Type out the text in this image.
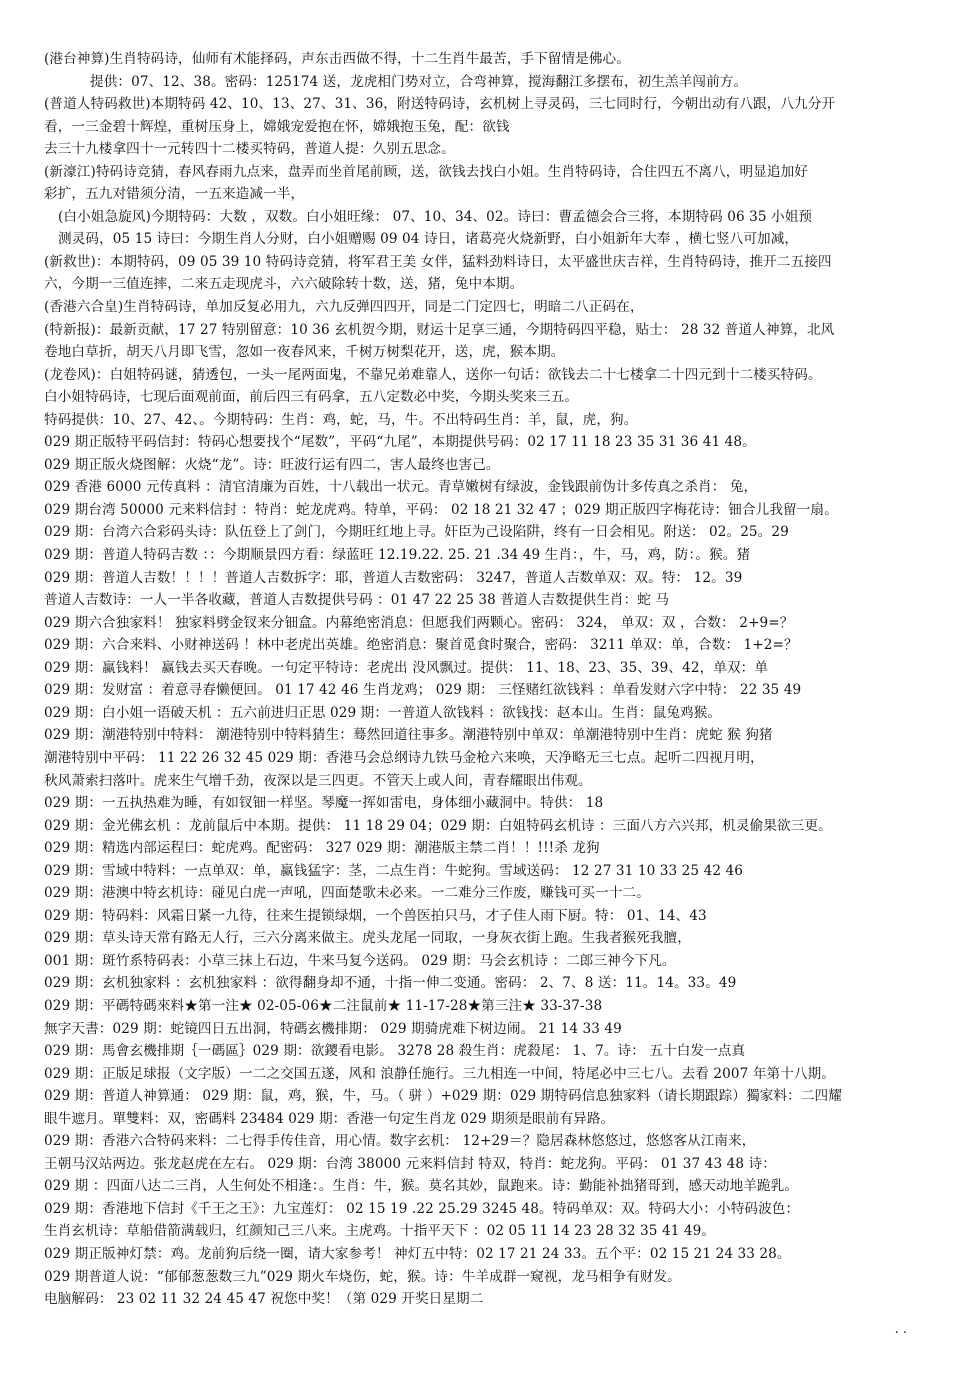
(港台神算)生肖特码诗，仙师有术能择码，声东击西做不得，十二生肖牛最苦，手下留情是佛心。
提供：07、12、38。密码：125174 送，龙虎相门势对立，合弯神算，搅海翻江多摆布，初生羔羊闯前方。
(普道人特码救世)本期特码 42、10、13、27、31、36，附送特码诗，玄机树上寻灵码，三七同时行，今朝出动有八跟，八九分开
看，一三金碧十辉煌，重树压身上，嫦娥宠爱抱在怀，嫦娥抱玉兔，配：欲钱
去三十九楼拿四十一元转四十二楼买特码，普道人提：久别五思念。
(新濠江)特码诗竞猜，春风春雨九点来，盘弄而坐首尾前顾，送，欲钱去找白小姐。生肖特码诗，合住四五不离八，明显追加好
彩扩，五九对错须分清，一五来造减一半，
(白小姐急旋风)今期特码：大数 ，双数。白小姐旺缘： 07、10、34、02。诗曰：曹孟德会合三将，本期特码 06 35 小姐预
测灵码，05 15 诗曰：今期生肖人分财，白小姐赠赐 09 04 诗日，诸葛亮火烧新野，白小姐新年大奉 ，横七竖八可加减，
(新救世)：本期特码，09 05 39 10 特码诗竞猜，将军君王美 女伴，猛料劲料诗日，太平盛世庆吉祥，生肖特码诗，推开二五接四
六，今期一三值连摔，二来五走现虎斗，六六破除转十数，送，猪，兔中本期。
(香港六合皇)生肖特码诗，单加反复必用九，六九反弹四四开，同是二门定四七，明暗二八正码在，
(特新报)：最新贡献，17 27 特别留意：10 36 玄机贺今期，财运十足享三通，今期特码四平稳，贴士： 28 32 普道人神算，北风
卷地白草折，胡天八月即飞雪，忽如一夜春风来，千树万树梨花开，送，虎，猴本期。
(龙卷风)：白姐特码谜，猜透包，一头一尾两面鬼，不靠兄弟难靠人，送你一句话：欲钱去二十七楼拿二十四元到十二楼买特码。
白小姐特码诗，七现后面观前面，前后四三有码拿，五八定数必中奖，今期头奖来三五。
特码提供：10、27、42、。今期特码：生肖：鸡，蛇，马，牛。不出特码生肖：羊，鼠，虎，狗。
029 期正版特平码信封：特码心想要找个“尾数”，平码“九尾”，本期提供号码：02 17 11 18 23 35 31 36 41 48。
029 期正版火烧图解：火烧“龙”。诗：旺波行运有四二，害人最终也害己。
029 香港 6000 元传真料 ：清官清廉为百姓，十八载出一状元。青草嫩树有绿波，金钱跟前伪计多传真之杀肖： 兔，
029 期台湾 50000 元来料信封 ：特肖：蛇龙虎鸡。特单，平码： 02 18 21 32 47 ；029 期正版四字梅花诗：钿合儿我留一扇。
029 期：台湾六合彩码头诗：队伍登上了剑门，今期旺红地上寻。奸臣为己设陷阱，终有一日会相见。附送： 02。25。29
029 期：普道人特码吉数 ：：今期顺景四方看：绿蓝旺 12.19.22. 25. 21 .34 49 生肖：，牛，马，鸡，防：。猴。猪
029 期：普道人吉数！！！！普道人吉数拆字：耶，普道人吉数密码： 3247，普道人吉数单双：双。特： 12。39
普道人吉数诗：一人一半各收藏，普道人吉数提供号码 ：01 47 22 25 38 普道人吉数提供生肖：蛇 马
029 期六合独家料！ 独家料劈金钗来分钿盒。内幕绝密消息：但愿我们两颗心。密码： 324， 单双：双 ，合数： 2+9=？
029 期：六合来料、小财神送码 ！林中老虎出英雄。绝密消息：聚首觅食时聚合，密码： 3211 单双：单，合数： 1+2=？
029 期：赢钱料！ 赢钱去买天春晚。一句定平特诗：老虎出 没风飘过。提供： 11、18、23、35、39、42，单双：单
029 期：发财富 ：着意寻春懒便回。 01 17 42 46 生肖龙鸡； 029 期： 三怪赌红欲钱料 ：单看发财六字中特： 22 35 49
029 期：白小姐一语破天机 ：五六前进归正思 029 期：一普道人欲钱料 ：欲钱找：赵本山。生肖：鼠兔鸡猴。
029 期：潮港特别中特料： 潮港特别中特料猜生：蓦然回道往事多。潮港特别中单双：单潮港特别中生肖：虎蛇 猴 狗猪
潮港特别中平码： 11 22 26 32 45 029 期：香港马会总纲诗九铁马金枪六来唤，天净略无三七点。起听二四视月明，
秋风萧索扫落叶。虎来生气增千劲，夜深以是三四更。不管天上或人间，青春耀眼出伟观。
029 期：一五执热难为睡，有如钗钿一样坚。琴魔一挥如雷电，身体细小藏洞中。特供： 18
029 期：金光佛玄机 ：龙前鼠后中本期。提供： 11 18 29 04；029 期：白姐特码玄机诗 ：三面八方六兴邦，机灵偷果欲三更。
029 期：精选内部运程曰：蛇虎鸡。配密码： 327 029 期：潮港版主禁二肖！！!!!杀 龙狗
029 期：雪域中特料：一点单双：单，赢钱猛字：茎，二点生肖：牛蛇狗。雪域送码： 12 27 31 10 33 25 42 46
029 期：港澳中特玄机诗：碰见白虎一声吼，四面楚歌未必来。一二难分三作废，赚钱可买一十二。
029 期：特码料：风霜日紧一九待，往来生提锁绿烟，一个兽医拍只马，才子佳人雨下厨。特： 01、14、43
029 期：草头诗天常有路无人行，三六分离来做主。虎头龙尾一同取，一身灰衣街上跑。生我者猴死我膻，
001 期：斑竹系特码表：小草三抹上石边，牛来马复今送码。 029 期：马会玄机诗 ：二郎三神今下凡。
029 期：玄机独家料 ：玄机独家料 ：欲得翻身却不通，十指一伸二变通。密码： 2、7、8 送：11。14。33。49
029 期：平碼特碼來料★第一注★ 02-05-06★二注鼠前★ 11-17-28★第三注★ 33-37-38
無字天書：029 期：蛇镜四日五出洞，特碼玄機排期： 029 期骑虎难下树边闹。 21 14 33 49
029 期：馬會玄機排期｛一碼區｝029 期：欲鑁看电影。 3278 28 殺生肖：虎殺尾： 1、7。诗： 五十白发一点真
029 期：正版足球报（文字版）一二之交国五遂，风和 浪静任施行。三九相连一中间，特尾必中三七八。去看 2007 年第十八期。
029 期：普道人神算通： 029 期：鼠，鸡，猴，牛，马。（ 骈 ）+029 期：029 期特码信息独家料（请长期跟踪）獨家料：二四耀
眼牛遮月。單雙料：双，密碼料 23484 029 期：香港一句定生肖龙 029 期须是眼前有异路。
029 期：香港六合特码来料：二七得手传佳音，用心情。数字玄机： 12+29＝？隐居森林悠悠过，悠悠客从江南来，
王朝马汉站两边。张龙赵虎在左右。 029 期：台湾 38000 元来料信封 特双，特肖：蛇龙狗。平码： 01 37 43 48 诗：
029 期 ：四面八达二三肖，人生何处不相逢：。生肖：牛，猴。莫名其妙，鼠跑来。诗：勤能补拙猪哥到，感天动地羊跪乳。
029 期：香港地下信封《千王之王》：九宝莲灯： 02 15 19 .22 25.29 3245 48。特码单双：双。特码大小：小特码波色：
生肖玄机诗：草船借箭满载归，红颜知己三八来。主虎鸡。十指平天下 ：02 05 11 14 23 28 32 35 41 49。
029 期正版神灯禁：鸡。龙前狗后绕一圈，请大家参考！ 神灯五中特：02 17 21 24 33。五个平：02 15 21 24 33 28。
029 期普道人说：“郁郁葱葱数三九”029 期火车烧伤，蛇，猴。诗：牛羊成群一窥视，龙马相争有财发。
电脑解码： 23 02 11 32 24 45 47 祝您中奖！（第 029 开奖日星期二
. .
